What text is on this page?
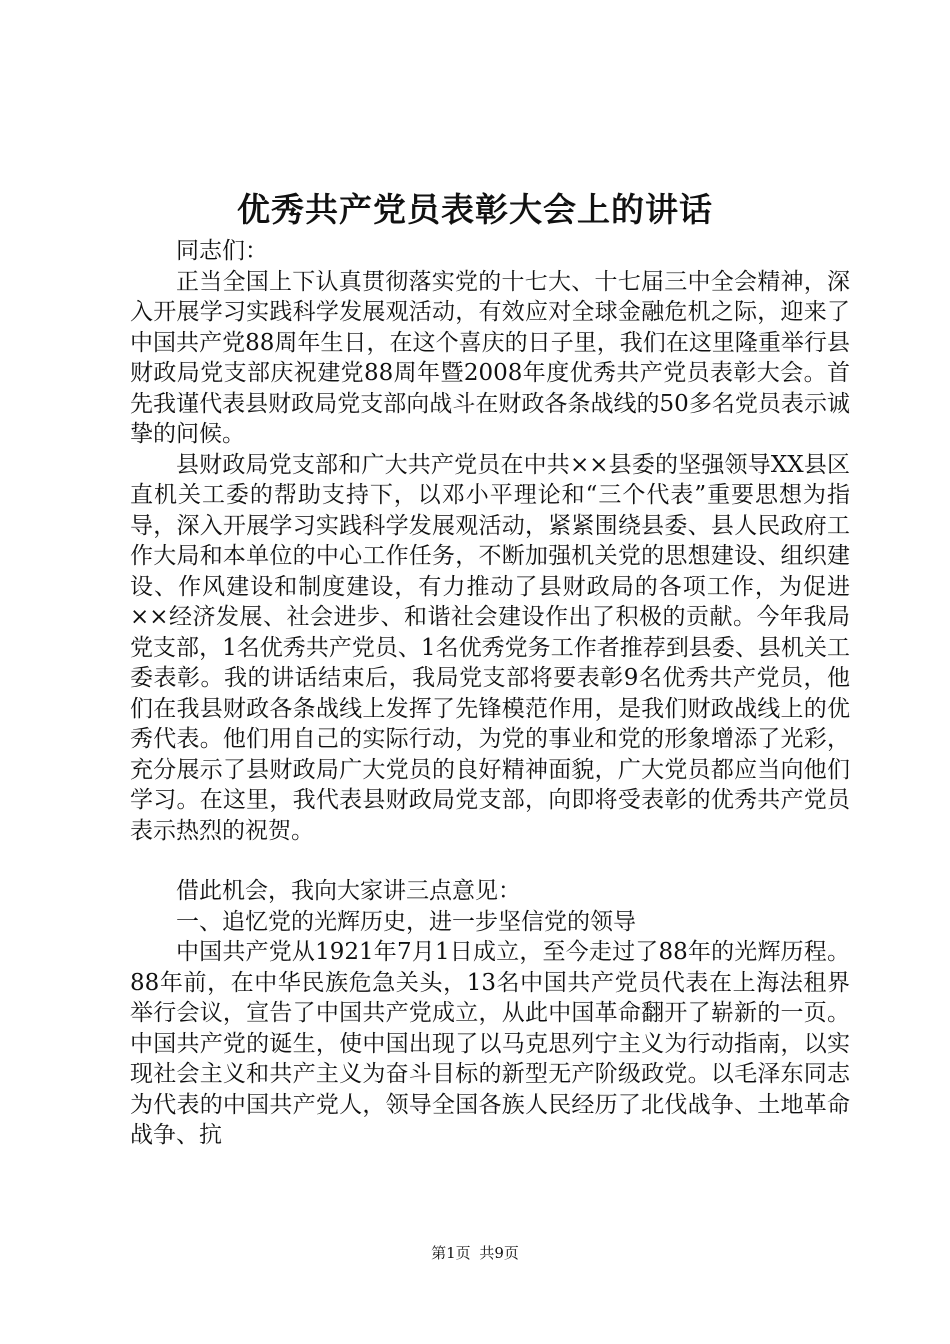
优秀共产党员表彰大会上的讲话

同志们：

正当全国上下认真贯彻落实党的十七大、十七届三中全会精神，深入开展学习实践科学发展观活动，有效应对全球金融危机之际，迎来了中国共产党88周年生日，在这个喜庆的日子里，我们在这里隆重举行县财政局党支部庆祝建党88周年暨2008年度优秀共产党员表彰大会。首先我谨代表县财政局党支部向战斗在财政各条战线的50多名党员表示诚挚的问候。

县财政局党支部和广大共产党员在中共××县委的坚强领导XX县区直机关工委的帮助支持下，以邓小平理论和“三个代表”重要思想为指导，深入开展学习实践科学发展观活动，紧紧围绕县委、县人民政府工作大局和本单位的中心工作任务，不断加强机关党的思想建设、组织建设、作风建设和制度建设，有力推动了县财政局的各项工作，为促进××经济发展、社会进步、和谐社会建设作出了积极的贡献。今年我局党支部，1名优秀共产党员、1名优秀党务工作者推荐到县委、县机关工委表彰。我的讲话结束后，我局党支部将要表彰9名优秀共产党员，他们在我县财政各条战线上发挥了先锋模范作用，是我们财政战线上的优秀代表。他们用自己的实际行动，为党的事业和党的形象增添了光彩，充分展示了县财政局广大党员的良好精神面貌，广大党员都应当向他们学习。在这里，我代表县财政局党支部，向即将受表彰的优秀共产党员表示热烈的祝贺。

借此机会，我向大家讲三点意见：

一、追忆党的光辉历史，进一步坚信党的领导

中国共产党从1921年7月1日成立，至今走过了88年的光辉历程。88年前，在中华民族危急关头，13名中国共产党员代表在上海法租界举行会议，宣告了中国共产党成立，从此中国革命翻开了崭新的一页。中国共产党的诞生，使中国出现了以马克思列宁主义为行动指南，以实现社会主义和共产主义为奋斗目标的新型无产阶级政党。以毛泽东同志为代表的中国共产党人，领导全国各族人民经历了北伐战争、土地革命战争、抗

第1页 共9页
